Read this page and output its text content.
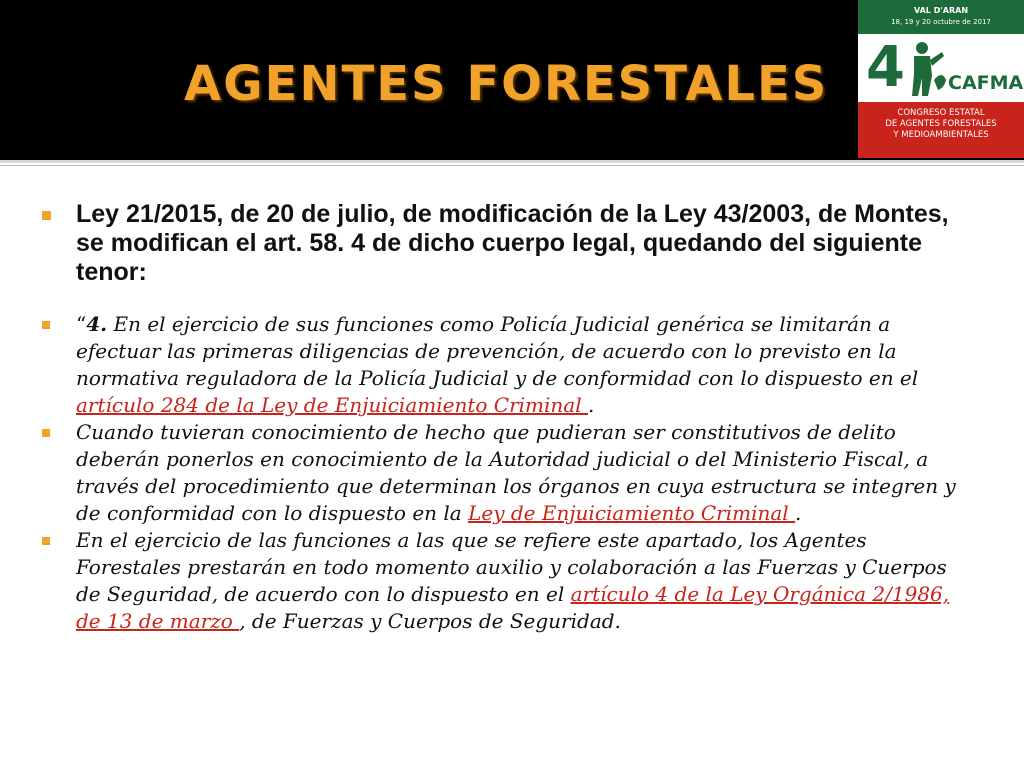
AGENTES FORESTALES
VAL D'ARAN
18, 19 y 20 octubre de 2017
4 CAFMA
CONGRESO ESTATAL
DE AGENTES FORESTALES
Y MEDIOAMBIENTALES
Ley 21/2015, de 20 de julio, de modificación de la Ley 43/2003, de Montes, se modifican el art. 58. 4 de dicho cuerpo legal, quedando del siguiente tenor:
“4. En el ejercicio de sus funciones como Policía Judicial genérica se limitarán a efectuar las primeras diligencias de prevención, de acuerdo con lo previsto en la normativa reguladora de la Policía Judicial y de conformidad con lo dispuesto en el artículo 284 de la Ley de Enjuiciamiento Criminal .
Cuando tuvieran conocimiento de hecho que pudieran ser constitutivos de delito deberán ponerlos en conocimiento de la Autoridad judicial o del Ministerio Fiscal, a través del procedimiento que determinan los órganos en cuya estructura se integren y de conformidad con lo dispuesto en la Ley de Enjuiciamiento Criminal .
En el ejercicio de las funciones a las que se refiere este apartado, los Agentes Forestales prestarán en todo momento auxilio y colaboración a las Fuerzas y Cuerpos de Seguridad, de acuerdo con lo dispuesto en el artículo 4 de la Ley Orgánica 2/1986, de 13 de marzo , de Fuerzas y Cuerpos de Seguridad.
